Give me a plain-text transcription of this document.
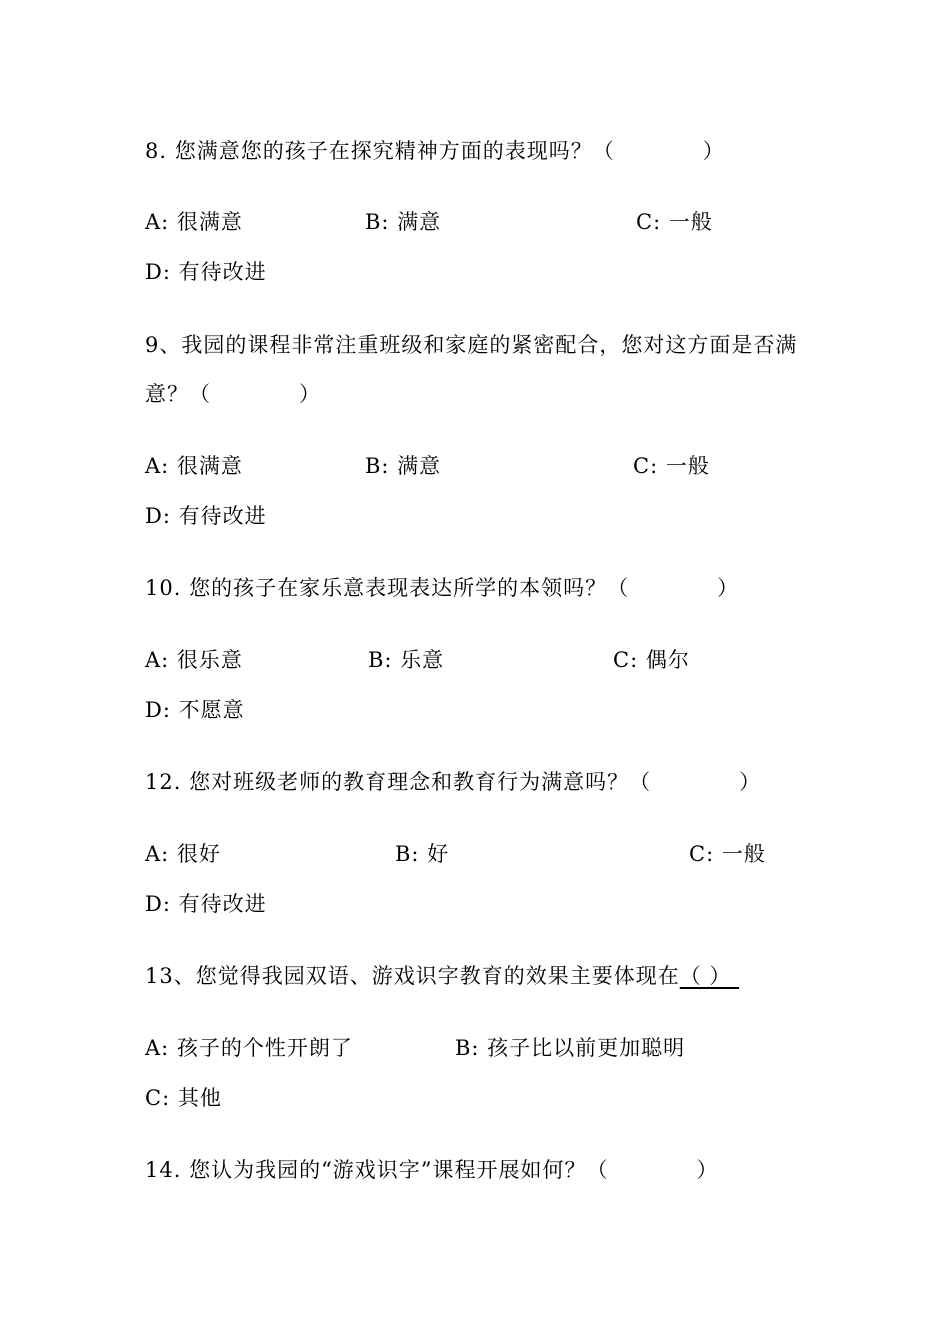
8. 您满意您的孩子在探究精神方面的表现吗？（　　　　）
A: 很满意	B: 满意	C: 一般
D: 有待改进
9、我园的课程非常注重班级和家庭的紧密配合，您对这方面是否满
意？（　　　　）
A: 很满意	B: 满意	C: 一般
D: 有待改进
10. 您的孩子在家乐意表现表达所学的本领吗？（　　　　）
A: 很乐意	B: 乐意	C: 偶尔
D: 不愿意
12. 您对班级老师的教育理念和教育行为满意吗？（　　　　）
A: 很好	B: 好	C: 一般
D: 有待改进
13、您觉得我园双语、游戏识字教育的效果主要体现在（ ）
A: 孩子的个性开朗了	B: 孩子比以前更加聪明
C: 其他
14. 您认为我园的“游戏识字”课程开展如何？（　　　　）
